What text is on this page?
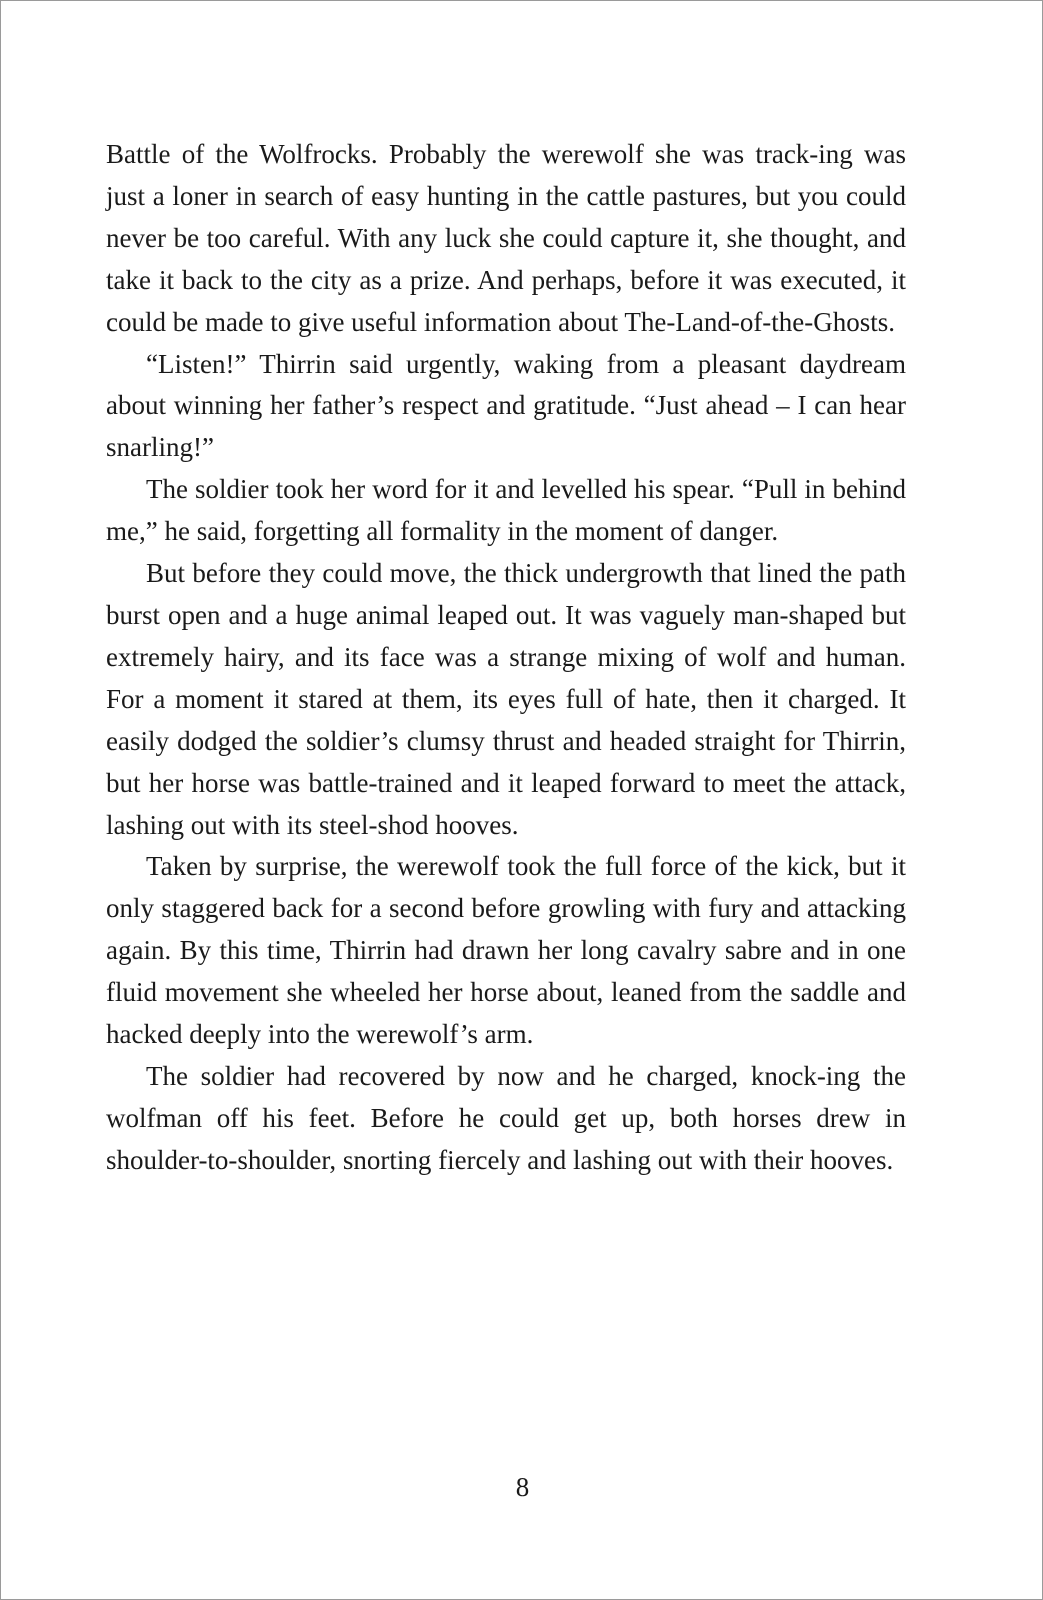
Battle of the Wolfrocks. Probably the werewolf she was track-ing was just a loner in search of easy hunting in the cattle pastures, but you could never be too careful. With any luck she could capture it, she thought, and take it back to the city as a prize. And perhaps, before it was executed, it could be made to give useful information about The-Land-of-the-Ghosts.

“Listen!” Thirrin said urgently, waking from a pleasant daydream about winning her father’s respect and gratitude. “Just ahead – I can hear snarling!”

The soldier took her word for it and levelled his spear. “Pull in behind me,” he said, forgetting all formality in the moment of danger.

But before they could move, the thick undergrowth that lined the path burst open and a huge animal leaped out. It was vaguely man-shaped but extremely hairy, and its face was a strange mixing of wolf and human. For a moment it stared at them, its eyes full of hate, then it charged. It easily dodged the soldier’s clumsy thrust and headed straight for Thirrin, but her horse was battle-trained and it leaped forward to meet the attack, lashing out with its steel-shod hooves.

Taken by surprise, the werewolf took the full force of the kick, but it only staggered back for a second before growling with fury and attacking again. By this time, Thirrin had drawn her long cavalry sabre and in one fluid movement she wheeled her horse about, leaned from the saddle and hacked deeply into the werewolf’s arm.

The soldier had recovered by now and he charged, knock-ing the wolfman off his feet. Before he could get up, both horses drew in shoulder-to-shoulder, snorting fiercely and lashing out with their hooves.

8
